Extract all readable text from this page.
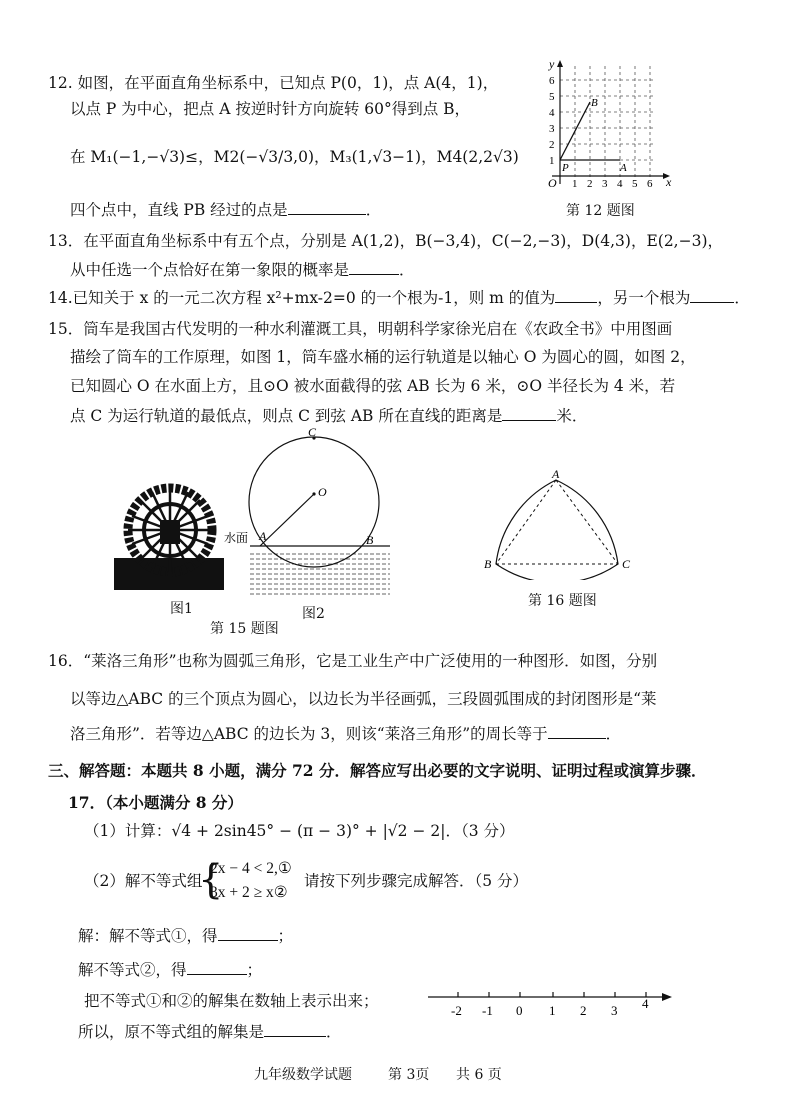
12. 如图，在平面直角坐标系中，已知点 P(0，1)，点 A(4，1)，
以点 P 为中心，把点 A 按逆时针方向旋转 60°得到点 B，
在 M₁(−1,−√3)≤，M2(−√3/3,0)，M₃(1,√3−1)，M4(2,2√3)
四个点中，直线 PB 经过的点是	．
y
x
O
1
2
3
4
5
6
1 2 3 4 5 6
P	A
B
第 12 题图
13．在平面直角坐标系中有五个点，分别是 A(1,2)，B(−3,4)，C(−2,−3)，D(4,3)，E(2,−3)，
从中任选一个点恰好在第一象限的概率是	．
14.已知关于 x 的一元二次方程 x²+mx-2=0 的一个根为-1，则 m 的值为	，另一个根为	．
15．筒车是我国古代发明的一种水利灌溉工具，明朝科学家徐光启在《农政全书》中用图画
描绘了筒车的工作原理，如图 1，筒车盛水桶的运行轨道是以轴心 O 为圆心的圆，如图 2，
已知圆心 O 在水面上方，且⊙O 被水面截得的弦 AB 长为 6 米，⊙O 半径长为 4 米，若
点 C 为运行轨道的最低点，则点 C 到弦 AB 所在直线的距离是	米．
图1
C
O
A	B
水面
图2
第 15 题图
A
B	C
第 16 题图
16．“莱洛三角形”也称为圆弧三角形，它是工业生产中广泛使用的一种图形．如图，分别
以等边△ABC 的三个顶点为圆心，以边长为半径画弧，三段圆弧围成的封闭图形是“莱
洛三角形”．若等边△ABC 的边长为 3，则该“莱洛三角形”的周长等于	．
三、解答题：本题共 8 小题，满分 72 分．解答应写出必要的文字说明、证明过程或演算步骤．
17．（本小题满分 8 分）
（1）计算：√4 + 2sin45° − (π − 3)° + |√2 − 2|．（3 分）
（2）解不等式组
{
2x − 4 < 2,①
3x + 2 ≥ x②
请按下列步骤完成解答．（5 分）
解：解不等式①，得	；
解不等式②，得	；
把不等式①和②的解集在数轴上表示出来；
所以，原不等式组的解集是	．
-2 -1 0 1 2 3 4
九年级数学试题	第 3页 共 6 页
